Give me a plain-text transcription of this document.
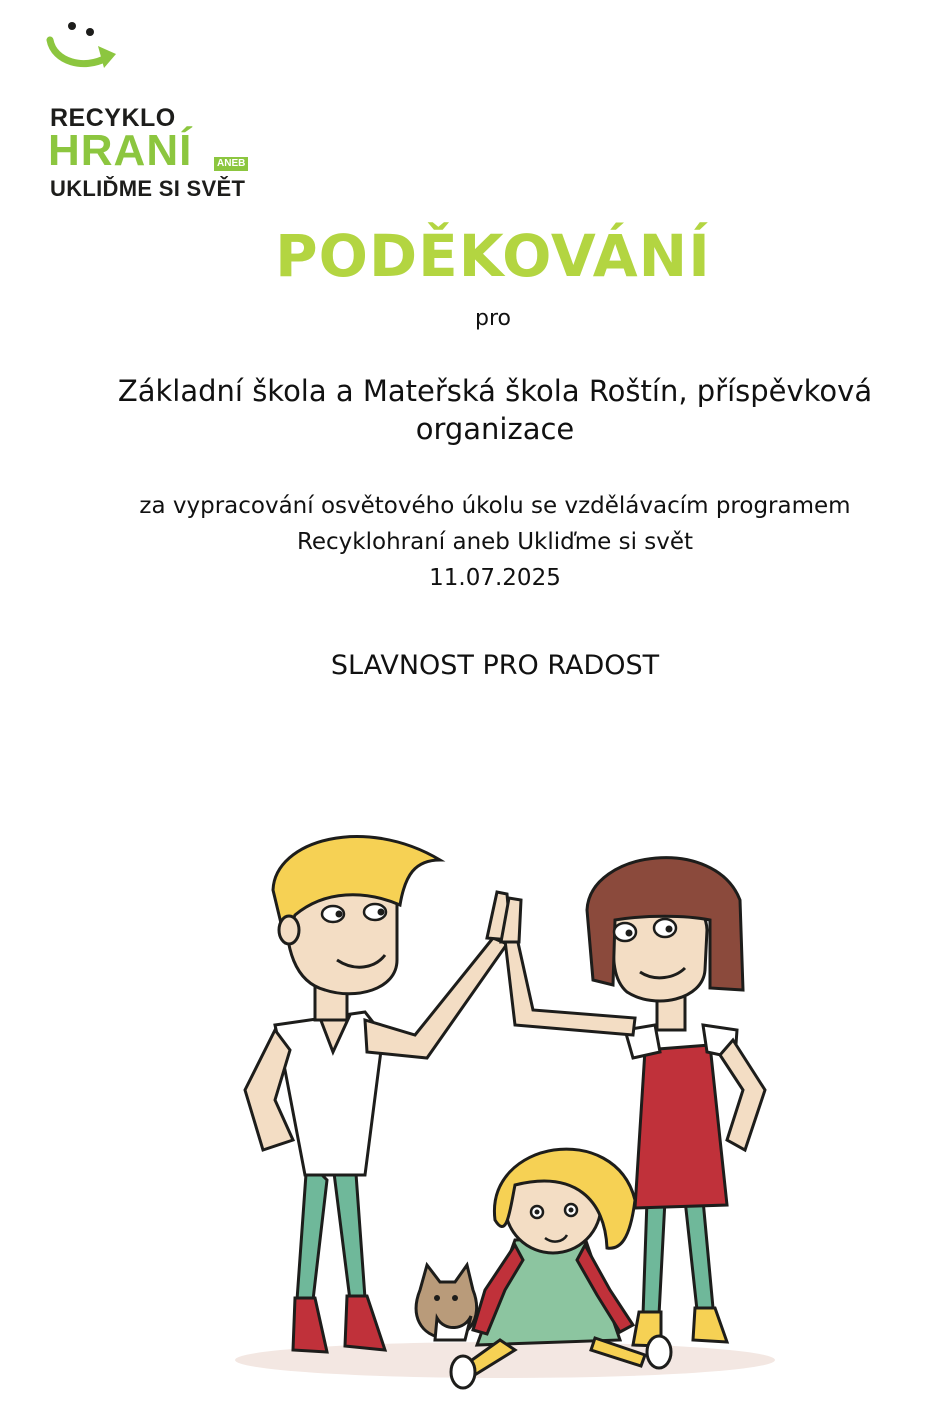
RECYKLO
HRANÍ	ANEB
UKLIĎME SI SVĚT
PODĚKOVÁNÍ
pro
Základní škola a Mateřská škola Roštín, příspěvková
organizace
za vypracování osvětového úkolu se vzdělávacím programem
Recyklohraní aneb Ukliďme si svět
11.07.2025
SLAVNOST PRO RADOST
